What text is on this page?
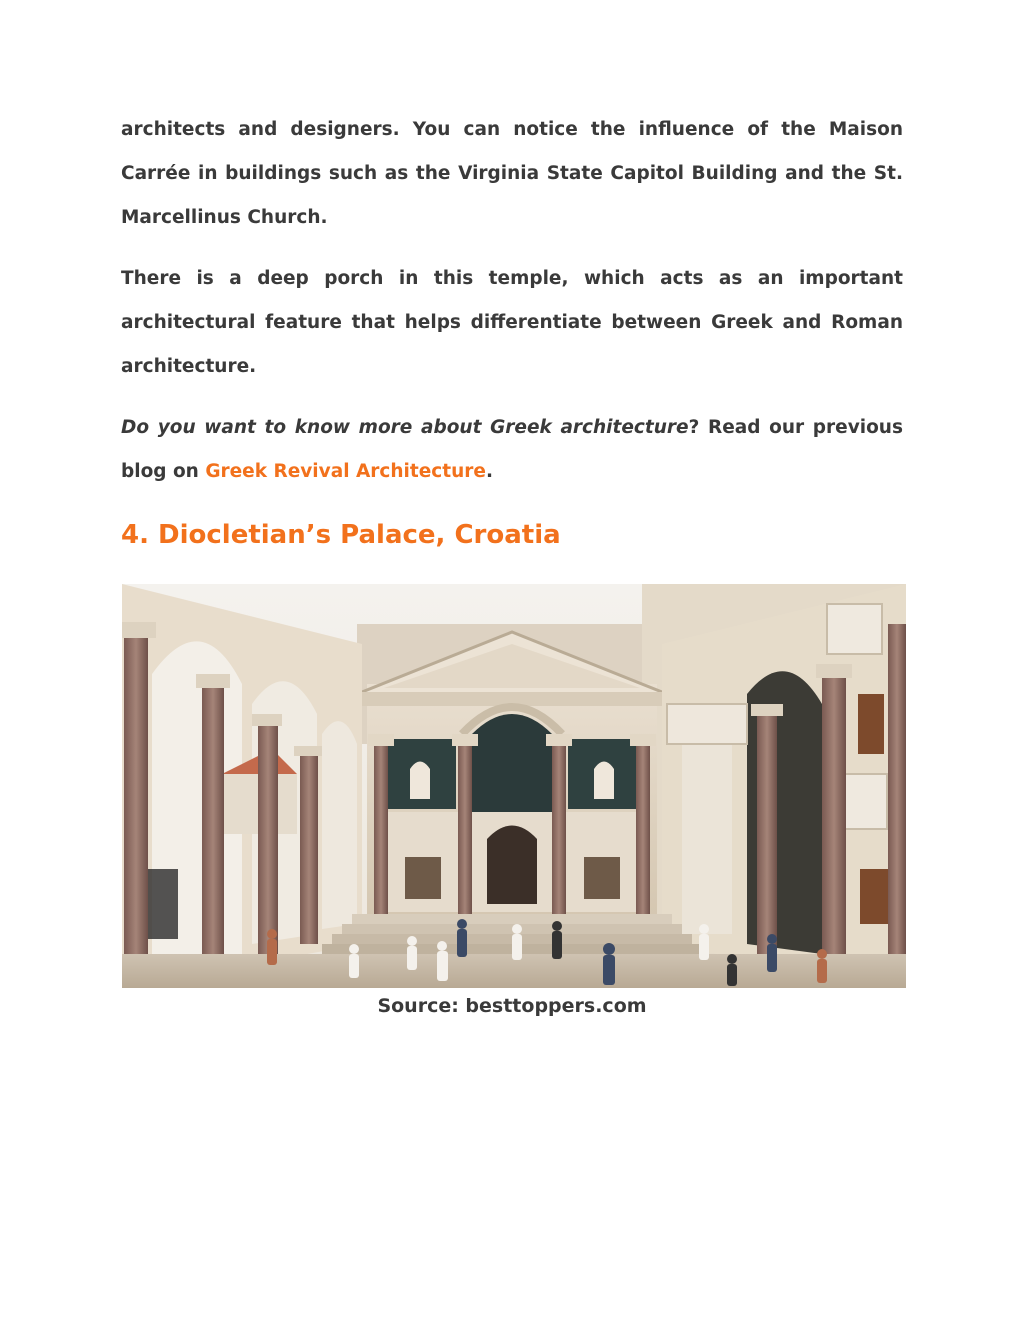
architects and designers. You can notice the influence of the Maison Carrée in buildings such as the Virginia State Capitol Building and the St. Marcellinus Church.

There is a deep porch in this temple, which acts as an important architectural feature that helps differentiate between Greek and Roman architecture.

Do you want to know more about Greek architecture? Read our previous blog on Greek Revival Architecture.

4. Diocletian’s Palace, Croatia
Source: besttoppers.com
